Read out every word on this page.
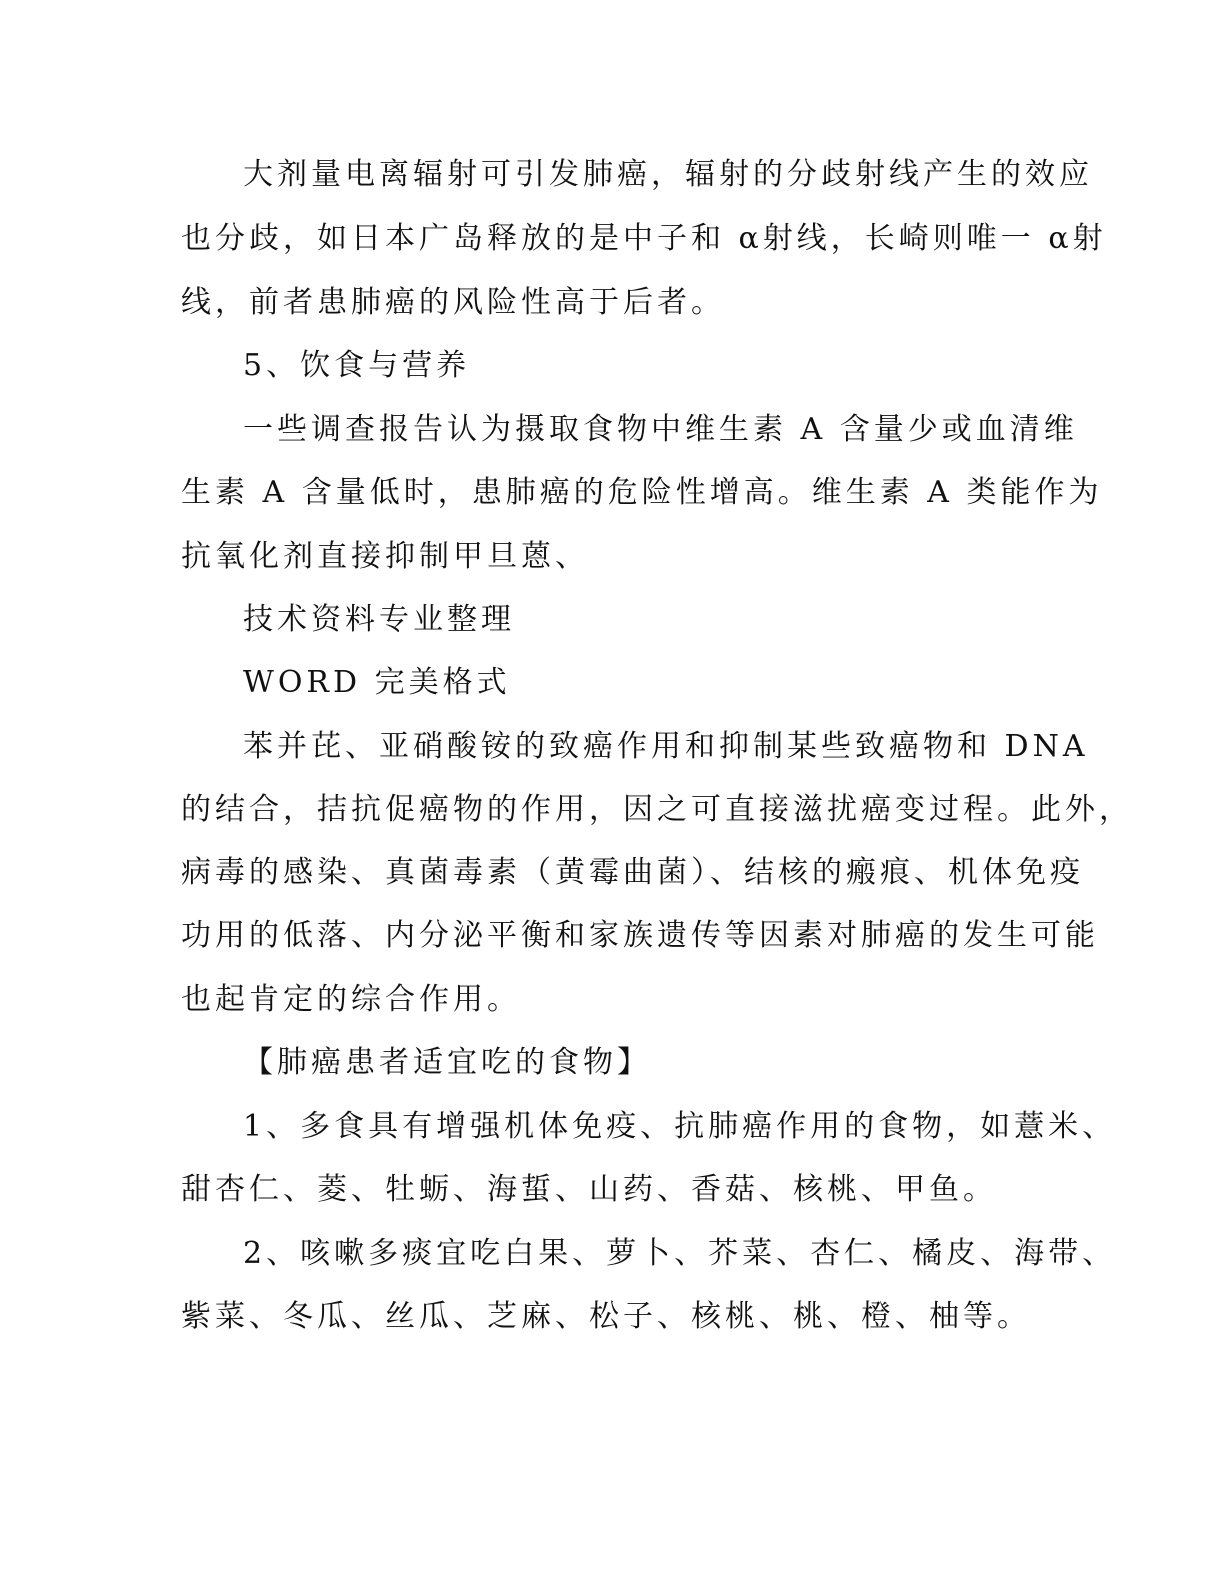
大剂量电离辐射可引发肺癌，辐射的分歧射线产生的效应
也分歧，如日本广岛释放的是中子和 α射线，长崎则唯一 α射
线，前者患肺癌的风险性高于后者。
5、饮食与营养
一些调查报告认为摄取食物中维生素 A 含量少或血清维
生素 A 含量低时，患肺癌的危险性增高。维生素 A 类能作为
抗氧化剂直接抑制甲旦蒽、
技术资料专业整理
WORD 完美格式
苯并芘、亚硝酸铵的致癌作用和抑制某些致癌物和 DNA
的结合，拮抗促癌物的作用，因之可直接滋扰癌变过程。此外，
病毒的感染、真菌毒素（黄霉曲菌）、结核的瘢痕、机体免疫
功用的低落、内分泌平衡和家族遗传等因素对肺癌的发生可能
也起肯定的综合作用。
【肺癌患者适宜吃的食物】
1、多食具有增强机体免疫、抗肺癌作用的食物，如薏米、
甜杏仁、菱、牡蛎、海蜇、山药、香菇、核桃、甲鱼。
2、咳嗽多痰宜吃白果、萝卜、芥菜、杏仁、橘皮、海带、
紫菜、冬瓜、丝瓜、芝麻、松子、核桃、桃、橙、柚等。
